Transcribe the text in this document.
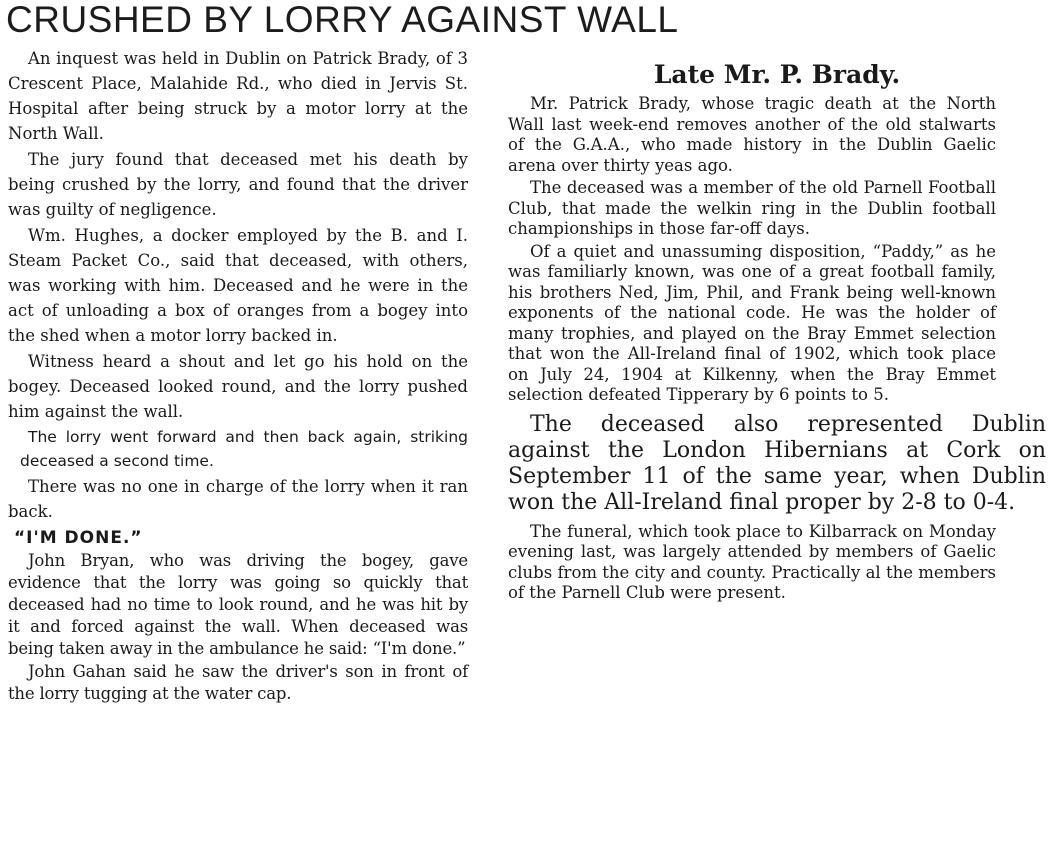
CRUSHED BY LORRY AGAINST WALL

An inquest was held in Dublin on Patrick Brady, of 3 Crescent Place, Malahide Rd., who died in Jervis St. Hospital after being struck by a motor lorry at the North Wall.

The jury found that deceased met his death by being crushed by the lorry, and found that the driver was guilty of negligence.

Wm. Hughes, a docker employed by the B. and I. Steam Packet Co., said that deceased, with others, was working with him. Deceased and he were in the act of unloading a box of oranges from a bogey into the shed when a motor lorry backed in.

Witness heard a shout and let go his hold on the bogey. Deceased looked round, and the lorry pushed him against the wall.

The lorry went forward and then back again, striking deceased a second time.

There was no one in charge of the lorry when it ran back.

“I'M DONE.”

John Bryan, who was driving the bogey, gave evidence that the lorry was going so quickly that deceased had no time to look round, and he was hit by it and forced against the wall. When deceased was being taken away in the ambulance he said: “I'm done.”

John Gahan said he saw the driver's son in front of the lorry tugging at the water cap.

Late Mr. P. Brady.

Mr. Patrick Brady, whose tragic death at the North Wall last week-end removes another of the old stalwarts of the G.A.A., who made history in the Dublin Gaelic arena over thirty yeas ago.

The deceased was a member of the old Parnell Football Club, that made the welkin ring in the Dublin football championships in those far-off days.

Of a quiet and unassuming disposition, “Paddy,” as he was familiarly known, was one of a great football family, his brothers Ned, Jim, Phil, and Frank being well-known exponents of the national code. He was the holder of many trophies, and played on the Bray Emmet selection that won the All-Ireland final of 1902, which took place on July 24, 1904 at Kilkenny, when the Bray Emmet selection defeated Tipperary by 6 points to 5.

The deceased also represented Dublin against the London Hibernians at Cork on September 11 of the same year, when Dublin won the All-Ireland final proper by 2-8 to 0-4.

The funeral, which took place to Kilbarrack on Monday evening last, was largely attended by members of Gaelic clubs from the city and county. Practically al the members of the Parnell Club were present.
